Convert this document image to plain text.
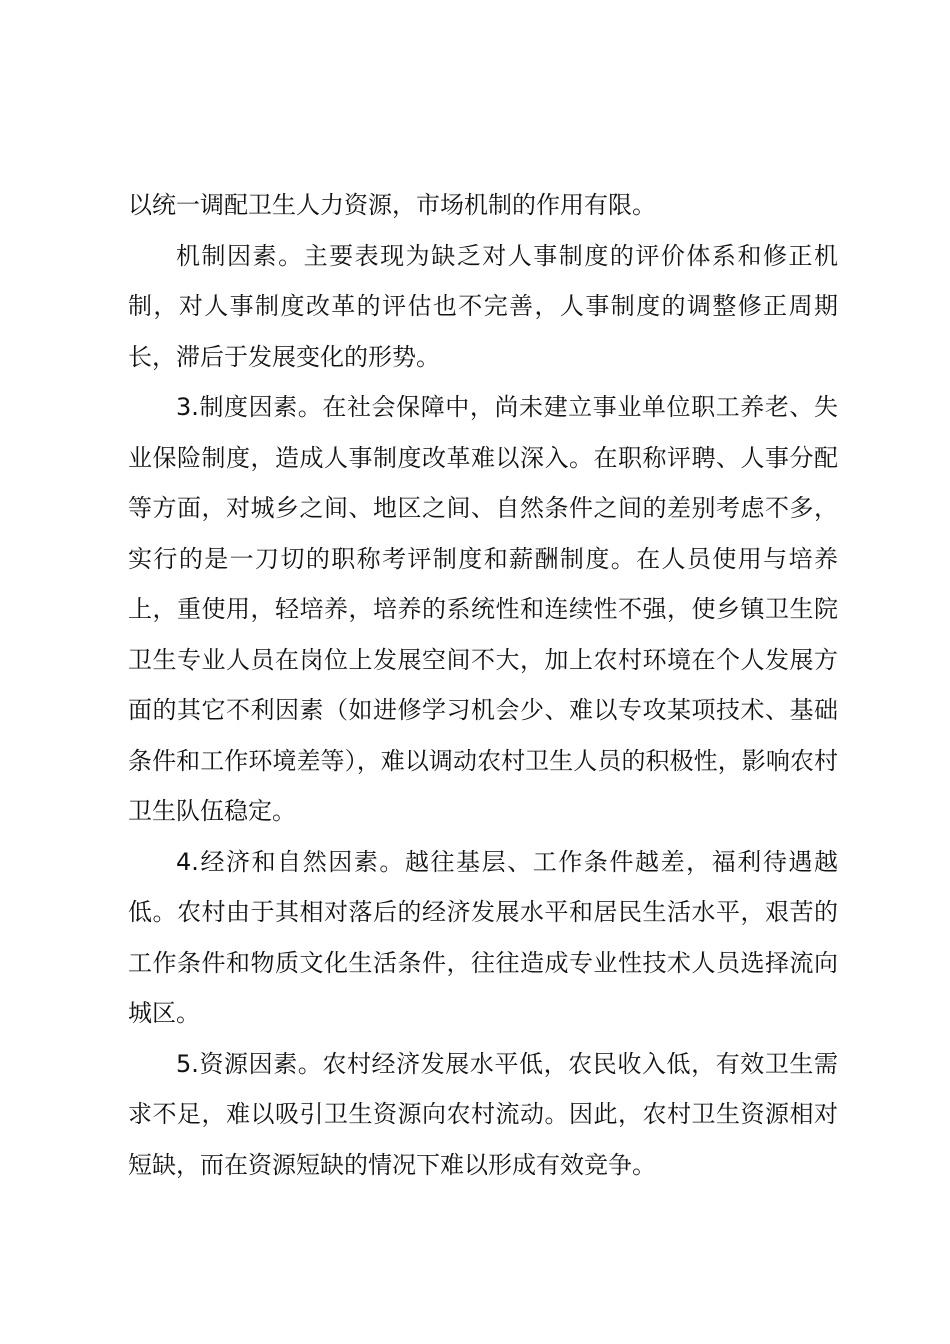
以统一调配卫生人力资源，市场机制的作用有限。

机制因素。主要表现为缺乏对人事制度的评价体系和修正机制，对人事制度改革的评估也不完善，人事制度的调整修正周期长，滞后于发展变化的形势。

3.制度因素。在社会保障中，尚未建立事业单位职工养老、失业保险制度，造成人事制度改革难以深入。在职称评聘、人事分配等方面，对城乡之间、地区之间、自然条件之间的差别考虑不多，实行的是一刀切的职称考评制度和薪酬制度。在人员使用与培养上，重使用，轻培养，培养的系统性和连续性不强，使乡镇卫生院卫生专业人员在岗位上发展空间不大，加上农村环境在个人发展方面的其它不利因素（如进修学习机会少、难以专攻某项技术、基础条件和工作环境差等），难以调动农村卫生人员的积极性，影响农村卫生队伍稳定。

4.经济和自然因素。越往基层、工作条件越差，福利待遇越低。农村由于其相对落后的经济发展水平和居民生活水平，艰苦的工作条件和物质文化生活条件，往往造成专业性技术人员选择流向城区。

5.资源因素。农村经济发展水平低，农民收入低，有效卫生需求不足，难以吸引卫生资源向农村流动。因此，农村卫生资源相对短缺，而在资源短缺的情况下难以形成有效竞争。
